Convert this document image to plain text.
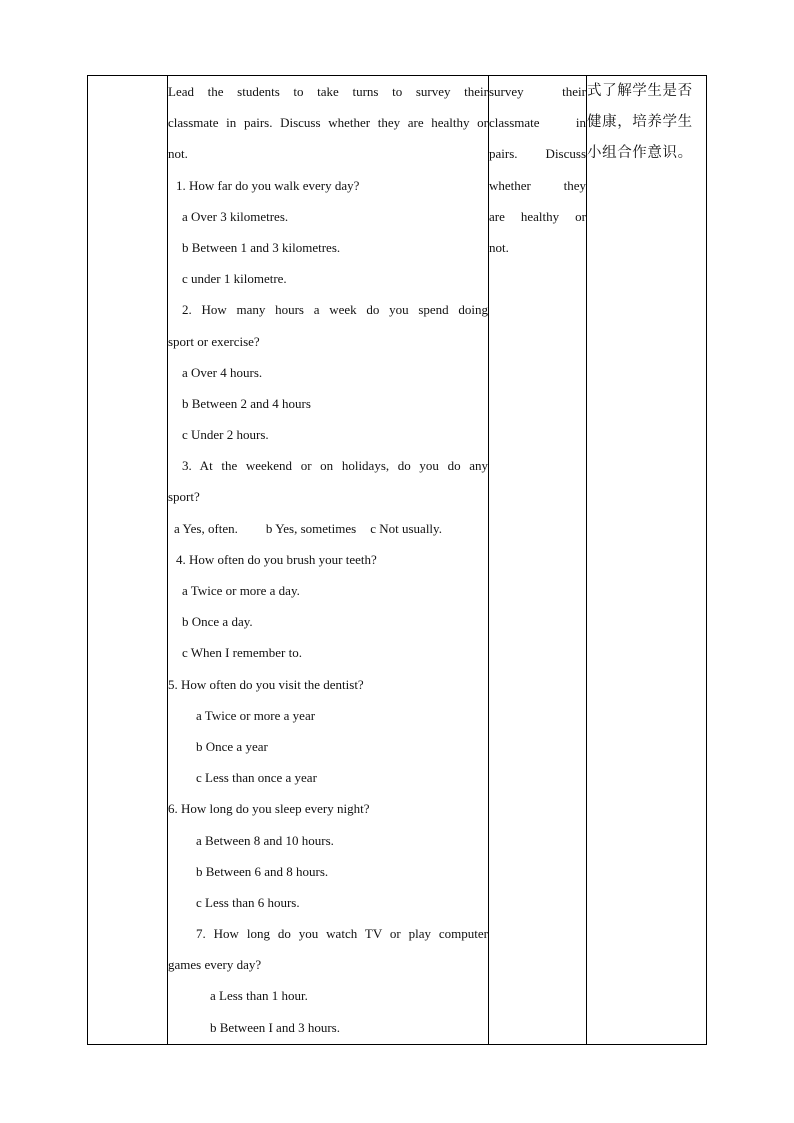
Lead the students to take turns to survey their
classmate in pairs. Discuss whether they are healthy or
not.
1. How far do you walk every day?
a Over 3 kilometres.
b Between 1 and 3 kilometres.
c under 1 kilometre.
2. How many hours a week do you spend doing
sport or exercise?
a Over 4 hours.
b Between 2 and 4 hours
c Under 2 hours.
3. At the weekend or on holidays, do you do any
sport?
a Yes, often. b Yes, sometimes c Not usually.
4. How often do you brush your teeth?
a Twice or more a day.
b Once a day.
c When I remember to.
5. How often do you visit the dentist?
a Twice or more a year
b Once a year
c Less than once a year
6. How long do you sleep every night?
a Between 8 and 10 hours.
b Between 6 and 8 hours.
c Less than 6 hours.
7. How long do you watch TV or play computer
games every day?
a Less than 1 hour.
b Between I and 3 hours.

survey their
classmate in
pairs. Discuss
whether they
are healthy or
not.

式了解学生是否
健康，培养学生
小组合作意识。
